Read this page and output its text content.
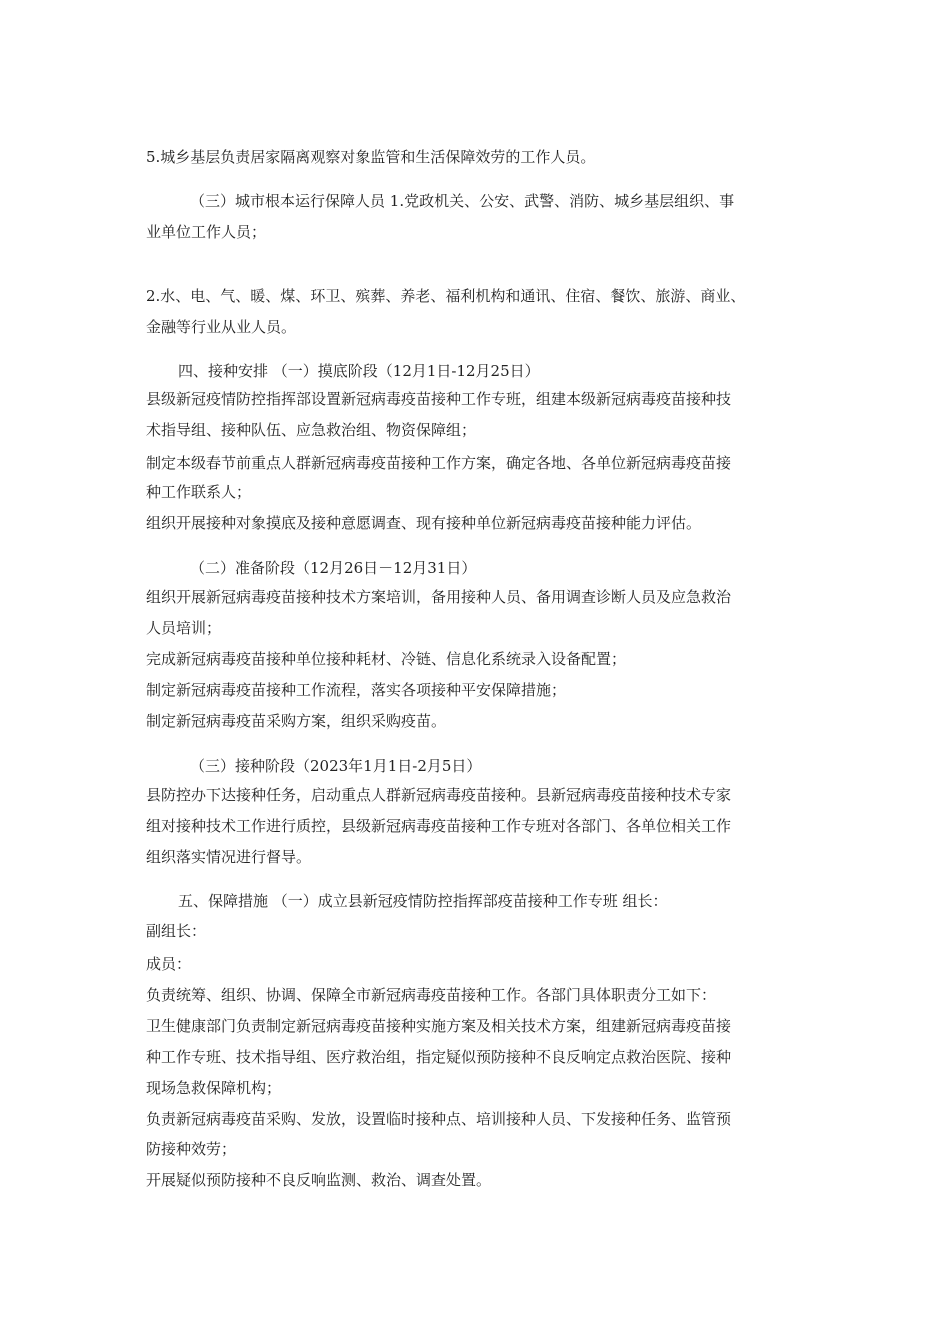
5.城乡基层负责居家隔离观察对象监管和生活保障效劳的工作人员。
（三）城市根本运行保障人员 1.党政机关、公安、武警、消防、城乡基层组织、事
业单位工作人员；
2.水、电、气、暖、煤、环卫、殡葬、养老、福利机构和通讯、住宿、餐饮、旅游、商业、
金融等行业从业人员。
四、接种安排 （一）摸底阶段（12月1日-12月25日）
县级新冠疫情防控指挥部设置新冠病毒疫苗接种工作专班，组建本级新冠病毒疫苗接种技
术指导组、接种队伍、应急救治组、物资保障组；
制定本级春节前重点人群新冠病毒疫苗接种工作方案，确定各地、各单位新冠病毒疫苗接
种工作联系人；
组织开展接种对象摸底及接种意愿调查、现有接种单位新冠病毒疫苗接种能力评估。
（二）准备阶段（12月26日－12月31日）
组织开展新冠病毒疫苗接种技术方案培训，备用接种人员、备用调查诊断人员及应急救治
人员培训；
完成新冠病毒疫苗接种单位接种耗材、冷链、信息化系统录入设备配置；
制定新冠病毒疫苗接种工作流程，落实各项接种平安保障措施；
制定新冠病毒疫苗采购方案，组织采购疫苗。
（三）接种阶段（2023年1月1日-2月5日）
县防控办下达接种任务，启动重点人群新冠病毒疫苗接种。县新冠病毒疫苗接种技术专家
组对接种技术工作进行质控，县级新冠病毒疫苗接种工作专班对各部门、各单位相关工作
组织落实情况进行督导。
五、保障措施 （一）成立县新冠疫情防控指挥部疫苗接种工作专班 组长：
副组长：
成员：
负责统筹、组织、协调、保障全市新冠病毒疫苗接种工作。各部门具体职责分工如下：
卫生健康部门负责制定新冠病毒疫苗接种实施方案及相关技术方案，组建新冠病毒疫苗接
种工作专班、技术指导组、医疗救治组，指定疑似预防接种不良反响定点救治医院、接种
现场急救保障机构；
负责新冠病毒疫苗采购、发放，设置临时接种点、培训接种人员、下发接种任务、监管预
防接种效劳；
开展疑似预防接种不良反响监测、救治、调查处置。
